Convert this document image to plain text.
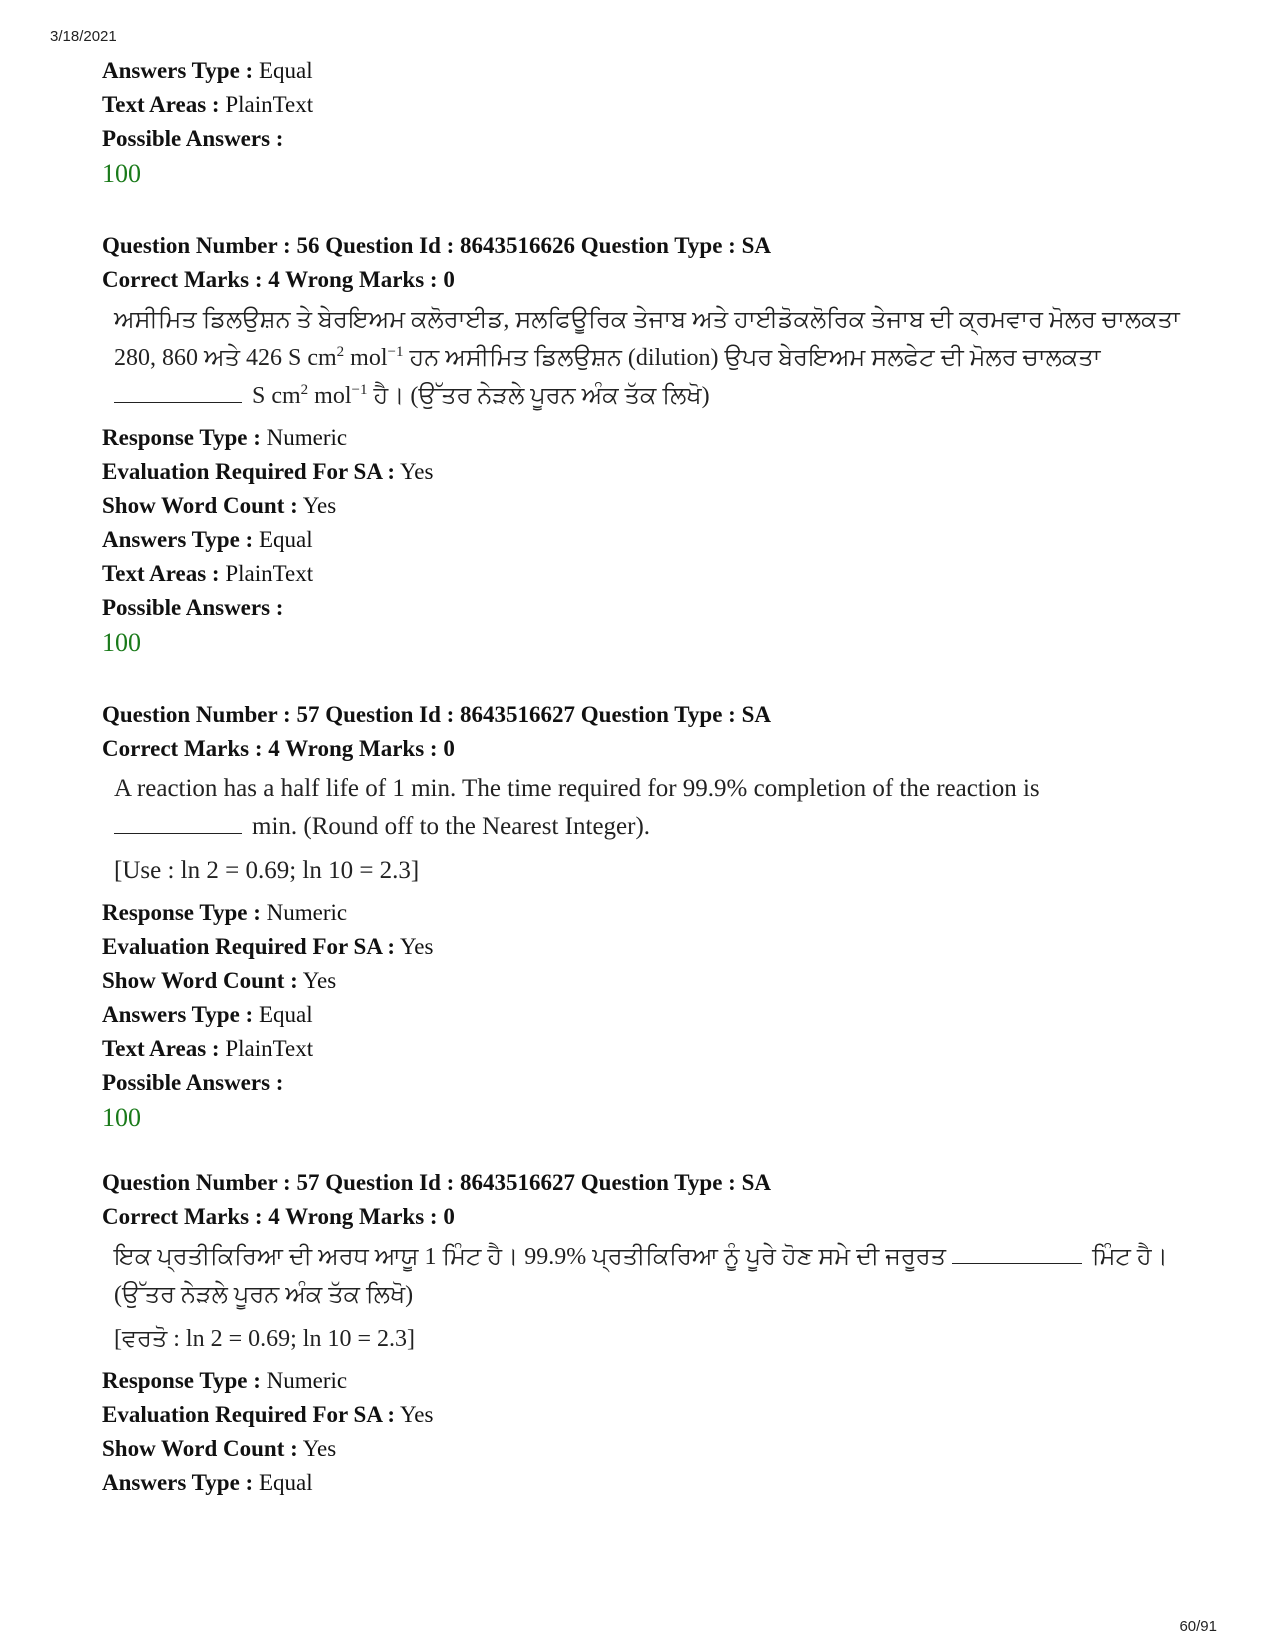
3/18/2021
Answers Type : Equal
Text Areas : PlainText
Possible Answers :
100
Question Number : 56 Question Id : 8643516626 Question Type : SA
Correct Marks : 4 Wrong Marks : 0
ਅਸੀਮਿਤ ਡਿਲਉਸ਼ਨ ਤੇ ਬੇਰਇਅਮ ਕਲੋਰਾਈਡ, ਸਲਫਿਊਰਿਕ ਤੇਜਾਬ ਅਤੇ ਹਾਈਡੋਕਲੋਰਿਕ ਤੇਜਾਬ ਦੀ ਕ੍ਰਮਵਾਰ ਮੋਲਰ ਚਾਲਕਤਾ
280, 860 ਅਤੇ 426 S $cm^2$ mol$^{-1}$ ਹਨ ਅਸੀਮਿਤ ਡਿਲਉਸ਼ਨ (dilution) ਉਪਰ ਬੇਰਇਅਮ ਸਲਫੇਟ ਦੀ ਮੋਲਰ ਚਾਲਕਤਾ
S $cm^2$ mol$^{-1}$ ਹੈ। (ਉੱਤਰ ਨੇੜਲੇ ਪੂਰਨ ਅੰਕ ਤੱਕ ਲਿਖੋ)
Response Type : Numeric
Evaluation Required For SA : Yes
Show Word Count : Yes
Answers Type : Equal
Text Areas : PlainText
Possible Answers :
100
Question Number : 57 Question Id : 8643516627 Question Type : SA
Correct Marks : 4 Wrong Marks : 0
A reaction has a half life of 1 min. The time required for 99.9% completion of the reaction is
min. (Round off to the Nearest Integer).
[Use : ln 2 = 0.69; ln 10 = 2.3]
Response Type : Numeric
Evaluation Required For SA : Yes
Show Word Count : Yes
Answers Type : Equal
Text Areas : PlainText
Possible Answers :
100
Question Number : 57 Question Id : 8643516627 Question Type : SA
Correct Marks : 4 Wrong Marks : 0
ਇਕ ਪ੍ਰਤੀਕਿਰਿਆ ਦੀ ਅਰਧ ਆਯੂ 1 ਮਿੰਟ ਹੈ। 99.9% ਪ੍ਰਤੀਕਿਰਿਆ ਨੂੰ ਪੂਰੇ ਹੋਣ ਸਮੇ ਦੀ ਜਰੂਰਤ	ਮਿੰਟ ਹੈ।
(ਉੱਤਰ ਨੇੜਲੇ ਪੂਰਨ ਅੰਕ ਤੱਕ ਲਿਖੋ)
[ਵਰਤੋ : ln 2 = 0.69; ln 10 = 2.3]
Response Type : Numeric
Evaluation Required For SA : Yes
Show Word Count : Yes
Answers Type : Equal
60/91
